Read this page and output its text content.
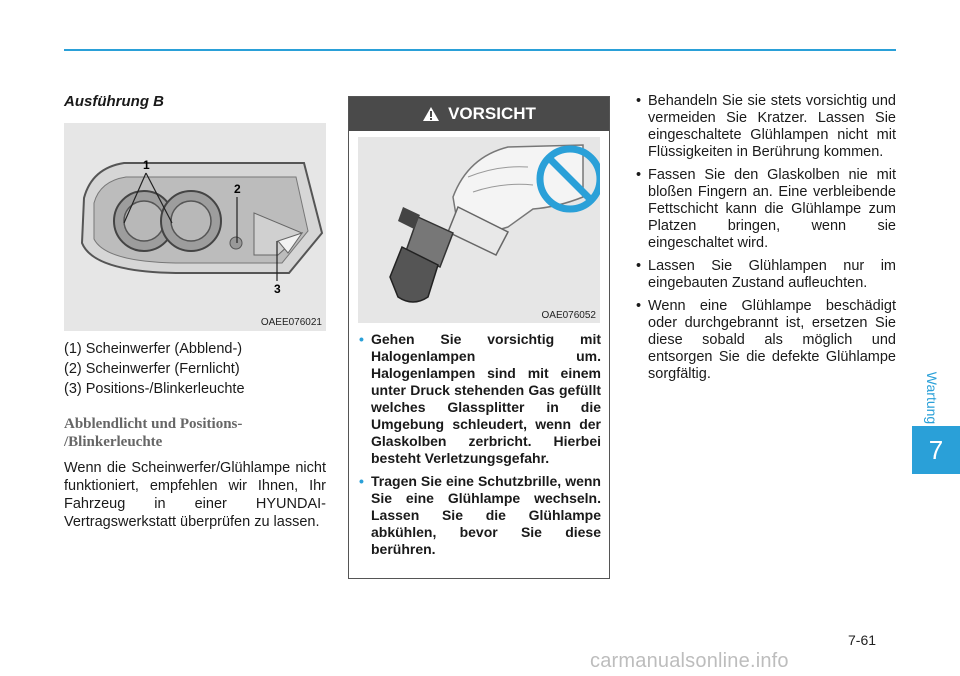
Ausführung B

1
2
3
OAEE076021

(1) Scheinwerfer (Abblend-)

(2) Scheinwerfer (Fernlicht)

(3) Positions-/Blinkerleuchte

Abblendlicht und Positions-
/Blinkerleuchte

Wenn die Scheinwerfer/Glühlampe nicht funktioniert, empfehlen wir Ihnen, Ihr Fahrzeug in einer HYUNDAI-Vertragswerkstatt überprüfen zu lassen.

VORSICHT
OAE076052
• Gehen Sie vorsichtig mit Halogenlampen um. Halogenlampen sind mit einem unter Druck stehenden Gas gefüllt welches Glassplitter in die Umgebung schleudert, wenn der Glaskolben zerbricht. Hierbei besteht Verletzungsgefahr.
• Tragen Sie eine Schutzbrille, wenn Sie eine Glühlampe wechseln. Lassen Sie die Glühlampe abkühlen, bevor Sie diese berühren.
• Behandeln Sie sie stets vorsichtig und vermeiden Sie Kratzer. Lassen Sie eingeschaltete Glühlampen nicht mit Flüssigkeiten in Berührung kommen.
• Fassen Sie den Glaskolben nie mit bloßen Fingern an. Eine verbleibende Fettschicht kann die Glühlampe zum Platzen bringen, wenn sie eingeschaltet wird.
• Lassen Sie Glühlampen nur im eingebauten Zustand aufleuchten.
• Wenn eine Glühlampe beschädigt oder durchgebrannt ist, ersetzen Sie diese sobald als möglich und entsorgen Sie die defekte Glühlampe sorgfältig.	Wartung
7
7-61
carmanualsonline.info
